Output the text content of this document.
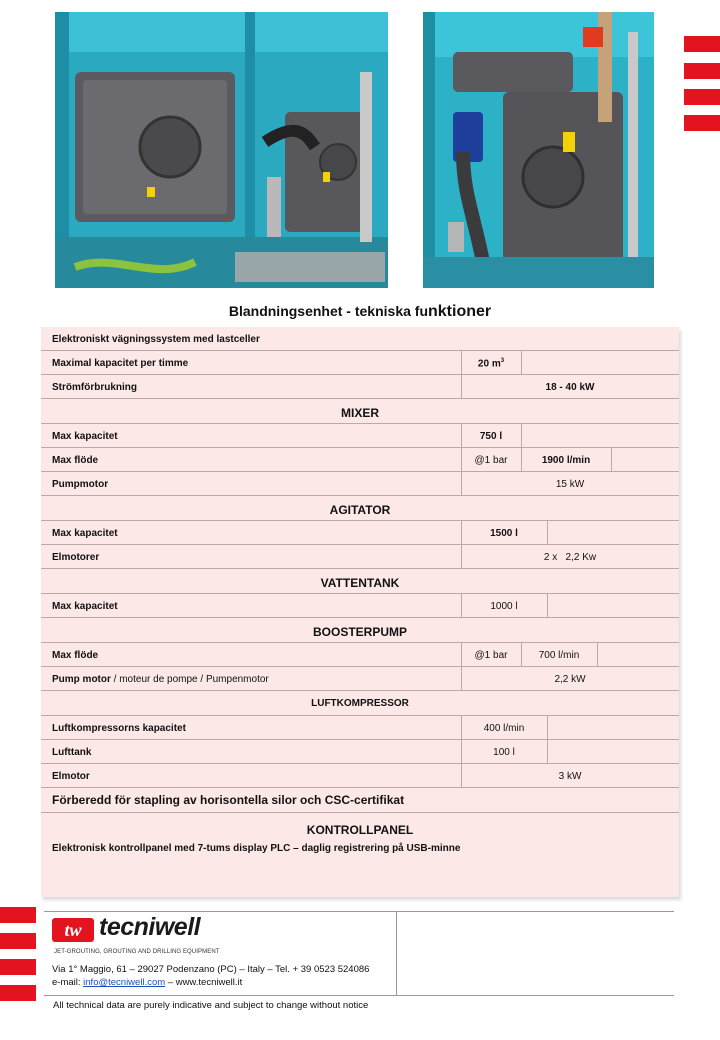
Blandningsenhet - tekniska funktioner
Elektroniskt vägningssystem med lastceller
Maximal kapacitet per timme	20 $m^3$
Strömförbrukning	18 - 40 kW
MIXER
Max kapacitet	750 l
Max flöde	@1 bar	1900 l/min
Pumpmotor	15 kW
AGITATOR
Max kapacitet	1500 l
Elmotorer	2 x   2,2 Kw
VATTENTANK
Max kapacitet	1000 l
BOOSTERPUMP
Max flöde	@1 bar	700 l/min
Pump motor / moteur de pompe / Pumpenmotor	2,2 kW
LUFTKOMPRESSOR
Luftkompressorns kapacitet	400 l/min
Lufttank	100 l
Elmotor	3 kW
Förberedd för stapling av horisontella silor och CSC-certifikat
KONTROLLPANEL
Elektronisk kontrollpanel med 7-tums display PLC – daglig registrering på USB-minne
tw tecniwell
JET-GROUTING, GROUTING AND DRILLING EQUIPMENT
Via 1° Maggio, 61 – 29027 Podenzano (PC) – Italy – Tel. + 39 0523 524086
e-mail: info@tecniwell.com – www.tecniwell.it
All technical data are purely indicative and subject to change without notice
